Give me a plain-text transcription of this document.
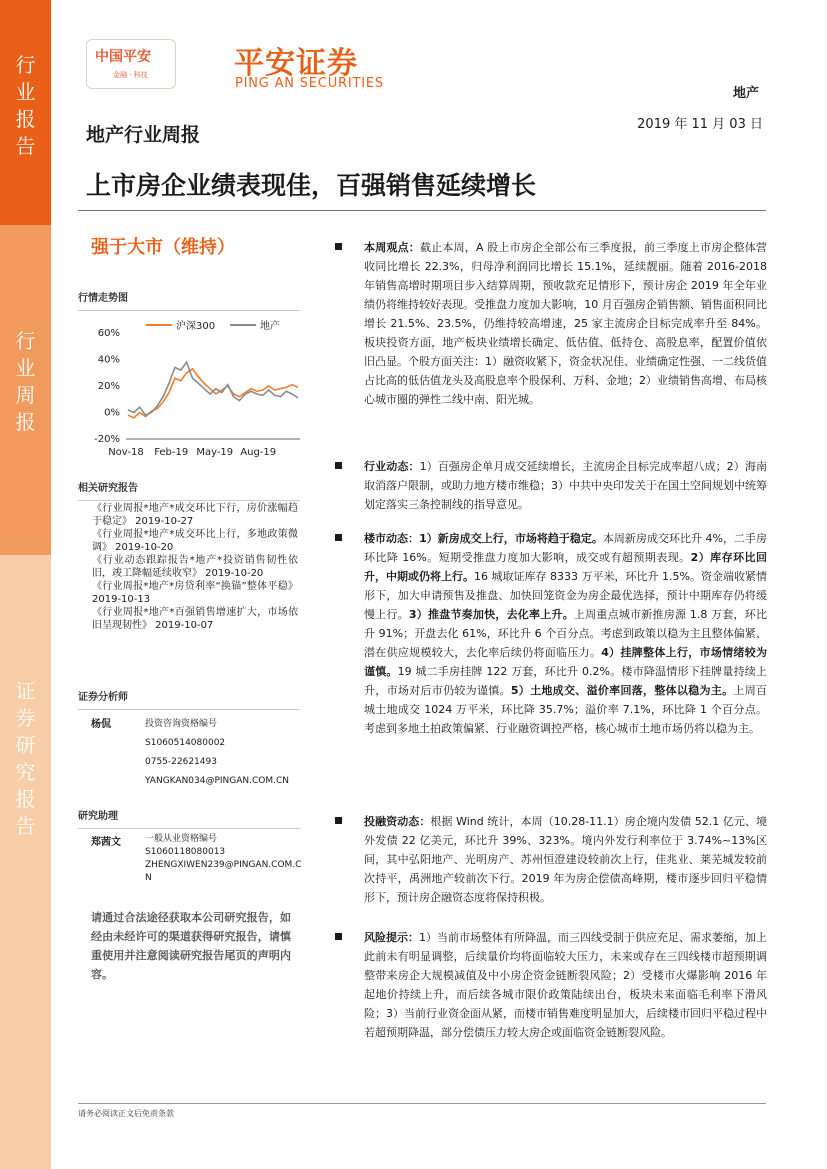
行
业
报
告
行
业
周
报
证
券
研
究
报
告
中国平安
金融 · 科技	平安证券
PING AN SECURITIES
地产
2019 年 11 月 03 日
地产行业周报
上市房企业绩表现佳，百强销售延续增长
强于大市（维持）
行情走势图
60%
40%
20%
0%
-20%
Nov-18 Feb-19 May-19 Aug-19
沪深300	地产
相关研究报告
《行业周报*地产*成交环比下行，房价涨幅趋于稳定》 2019-10-27
《行业周报*地产*成交环比上行，多地政策微调》 2019-10-20
《行业动态跟踪报告*地产*投资销售韧性依旧，竣工降幅延续收窄》 2019-10-20
《行业周报*地产*房贷利率“换锚”整体平稳》 2019-10-13
《行业周报*地产*百强销售增速扩大，市场依旧呈现韧性》 2019-10-07
证券分析师
杨侃	投资咨询资格编号
S1060514080002
0755-22621493
YANGKAN034@PINGAN.COM.CN
研究助理
郑茜文	一般从业资格编号
S1060118080013
ZHENGXIWEN239@PINGAN.COM.C
N
请通过合法途径获取本公司研究报告，如经由未经许可的渠道获得研究报告，请慎重使用并注意阅读研究报告尾页的声明内容。
本周观点：截止本周，A 股上市房企全部公布三季度报，前三季度上市房企整体营收同比增长 22.3%，归母净利润同比增长 15.1%，延续靓丽。随着 2016-2018 年销售高增时期项目步入结算周期，预收款充足情形下，预计房企 2019 年全年业绩仍将维持较好表现。受推盘力度加大影响，10 月百强房企销售额、销售面积同比增长 21.5%、23.5%，仍维持较高增速，25 家主流房企目标完成率升至 84%。板块投资方面，地产板块业绩增长确定、低估值、低持仓、高股息率，配置价值依旧凸显。个股方面关注：1）融资收紧下，资金状况佳、业绩确定性强、一二线货值占比高的低估值龙头及高股息率个股保利、万科、金地；2）业绩销售高增、布局核心城市圈的弹性二线中南、阳光城。
行业动态：1）百强房企单月成交延续增长，主流房企目标完成率超八成；2）海南取消落户限制，或助力地方楼市维稳；3）中共中央印发关于在国土空间规划中统筹划定落实三条控制线的指导意见。
楼市动态：1）新房成交上行，市场将趋于稳定。本周新房成交环比升 4%，二手房环比降 16%。短期受推盘力度加大影响，成交或有超预期表现。2）库存环比回升，中期或仍将上行。16 城取证库存 8333 万平米，环比升 1.5%。资金端收紧情形下，加大申请预售及推盘、加快回笼资金为房企最优选择，预计中期库存仍将缓慢上行。3）推盘节奏加快，去化率上升。上周重点城市新推房源 1.8 万套，环比升 91%；开盘去化 61%，环比升 6 个百分点。考虑到政策以稳为主且整体偏紧、潜在供应规模较大，去化率后续仍将面临压力。4）挂牌整体上行，市场情绪较为谨慎。19 城二手房挂牌 122 万套，环比升 0.2%。楼市降温情形下挂牌量持续上升，市场对后市仍较为谨慎。5）土地成交、溢价率回落，整体以稳为主。上周百城土地成交 1024 万平米，环比降 35.7%；溢价率 7.1%，环比降 1 个百分点。考虑到多地土拍政策偏紧、行业融资调控严格，核心城市土地市场仍将以稳为主。
投融资动态：根据 Wind 统计，本周（10.28-11.1）房企境内发债 52.1 亿元、境外发债 22 亿美元，环比升 39%、323%。境内外发行利率位于 3.74%~13%区间，其中弘阳地产、光明房产、苏州恒澄建设较前次上行，佳兆业、莱芜城发较前次持平，禹洲地产较前次下行。2019 年为房企偿债高峰期，楼市逐步回归平稳情形下，预计房企融资态度将保持积极。
风险提示：1）当前市场整体有所降温，而三四线受制于供应充足、需求萎缩，加上此前未有明显调整，后续量价均将面临较大压力，未来或存在三四线楼市超预期调整带来房企大规模减值及中小房企资金链断裂风险；2）受楼市火爆影响 2016 年起地价持续上升，而后续各城市限价政策陆续出台，板块未来面临毛利率下滑风险；3）当前行业资金面从紧，而楼市销售难度明显加大，后续楼市回归平稳过程中若超预期降温，部分偿债压力较大房企或面临资金链断裂风险。
请务必阅读正文后免责条款
